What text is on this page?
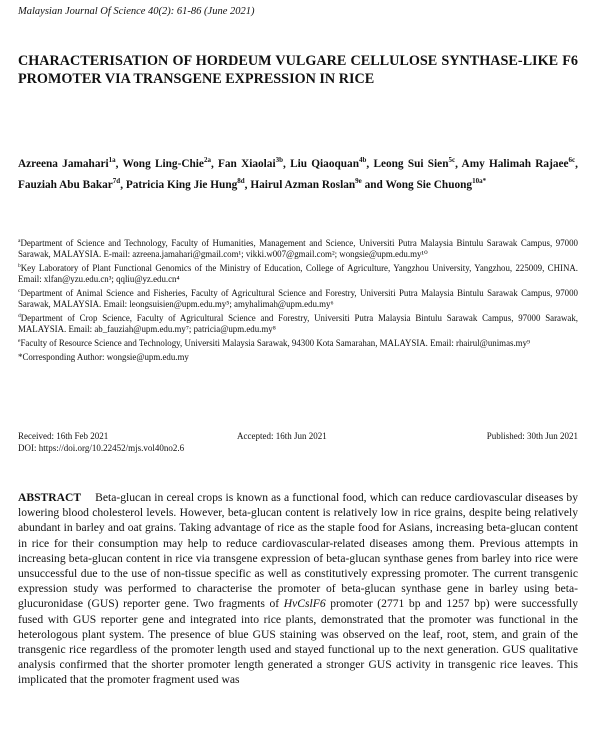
Malaysian Journal Of Science 40(2): 61-86 (June 2021)
CHARACTERISATION OF HORDEUM VULGARE CELLULOSE SYNTHASE-LIKE F6 PROMOTER VIA TRANSGENE EXPRESSION IN RICE
Azreena Jamahari$^{1a}$, Wong Ling-Chie$^{2a}$, Fan Xiaolai$^{3b}$, Liu Qiaoquan$^{4b}$, Leong Sui Sien$^{5c}$, Amy Halimah Rajaee$^{6c}$, Fauziah Abu Bakar$^{7d}$, Patricia King Jie Hung$^{8d}$, Hairul Azman Roslan$^{9e}$ and Wong Sie Chuong$^{10a*}$

$^a$Department of Science and Technology, Faculty of Humanities, Management and Science, Universiti Putra Malaysia Bintulu Sarawak Campus, 97000 Sarawak, MALAYSIA. E-mail: azreena.jamahari@gmail.com¹; vikki.w007@gmail.com²; wongsie@upm.edu.my¹⁰

$^b$Key Laboratory of Plant Functional Genomics of the Ministry of Education, College of Agriculture, Yangzhou University, Yangzhou, 225009, CHINA. Email: xlfan@yzu.edu.cn³; qqliu@yz.edu.cn⁴

$^c$Department of Animal Science and Fisheries, Faculty of Agricultural Science and Forestry, Universiti Putra Malaysia Bintulu Sarawak Campus, 97000 Sarawak, MALAYSIA. Email: leongsuisien@upm.edu.my⁵; amyhalimah@upm.edu.my⁶

$^d$Department of Crop Science, Faculty of Agricultural Science and Forestry, Universiti Putra Malaysia Bintulu Sarawak Campus, 97000 Sarawak, MALAYSIA. Email: ab_fauziah@upm.edu.my⁷; patricia@upm.edu.my⁸

$^e$Faculty of Resource Science and Technology, Universiti Malaysia Sarawak, 94300 Kota Samarahan, MALAYSIA. Email: rhairul@unimas.my⁹

*Corresponding Author: wongsie@upm.edu.my

Received: 16th Feb 2021	Accepted: 16th Jun 2021	Published: 30th Jun 2021
DOI: https://doi.org/10.22452/mjs.vol40no2.6

ABSTRACT Beta-glucan in cereal crops is known as a functional food, which can reduce cardiovascular diseases by lowering blood cholesterol levels. However, beta-glucan content is relatively low in rice grains, despite being relatively abundant in barley and oat grains. Taking advantage of rice as the staple food for Asians, increasing beta-glucan content in rice for their consumption may help to reduce cardiovascular-related diseases among them. Previous attempts in increasing beta-glucan content in rice via transgene expression of beta-glucan synthase genes from barley into rice were unsuccessful due to the use of non-tissue specific as well as constitutively expressing promoter. The current transgenic expression study was performed to characterise the promoter of beta-glucan synthase gene in barley using beta-glucuronidase (GUS) reporter gene. Two fragments of HvCslF6 promoter (2771 bp and 1257 bp) were successfully fused with GUS reporter gene and integrated into rice plants, demonstrated that the promoter was functional in the heterologous plant system. The presence of blue GUS staining was observed on the leaf, root, stem, and grain of the transgenic rice regardless of the promoter length used and stayed functional up to the next generation. GUS qualitative analysis confirmed that the shorter promoter length generated a stronger GUS activity in transgenic rice leaves. This implicated that the promoter fragment used was
